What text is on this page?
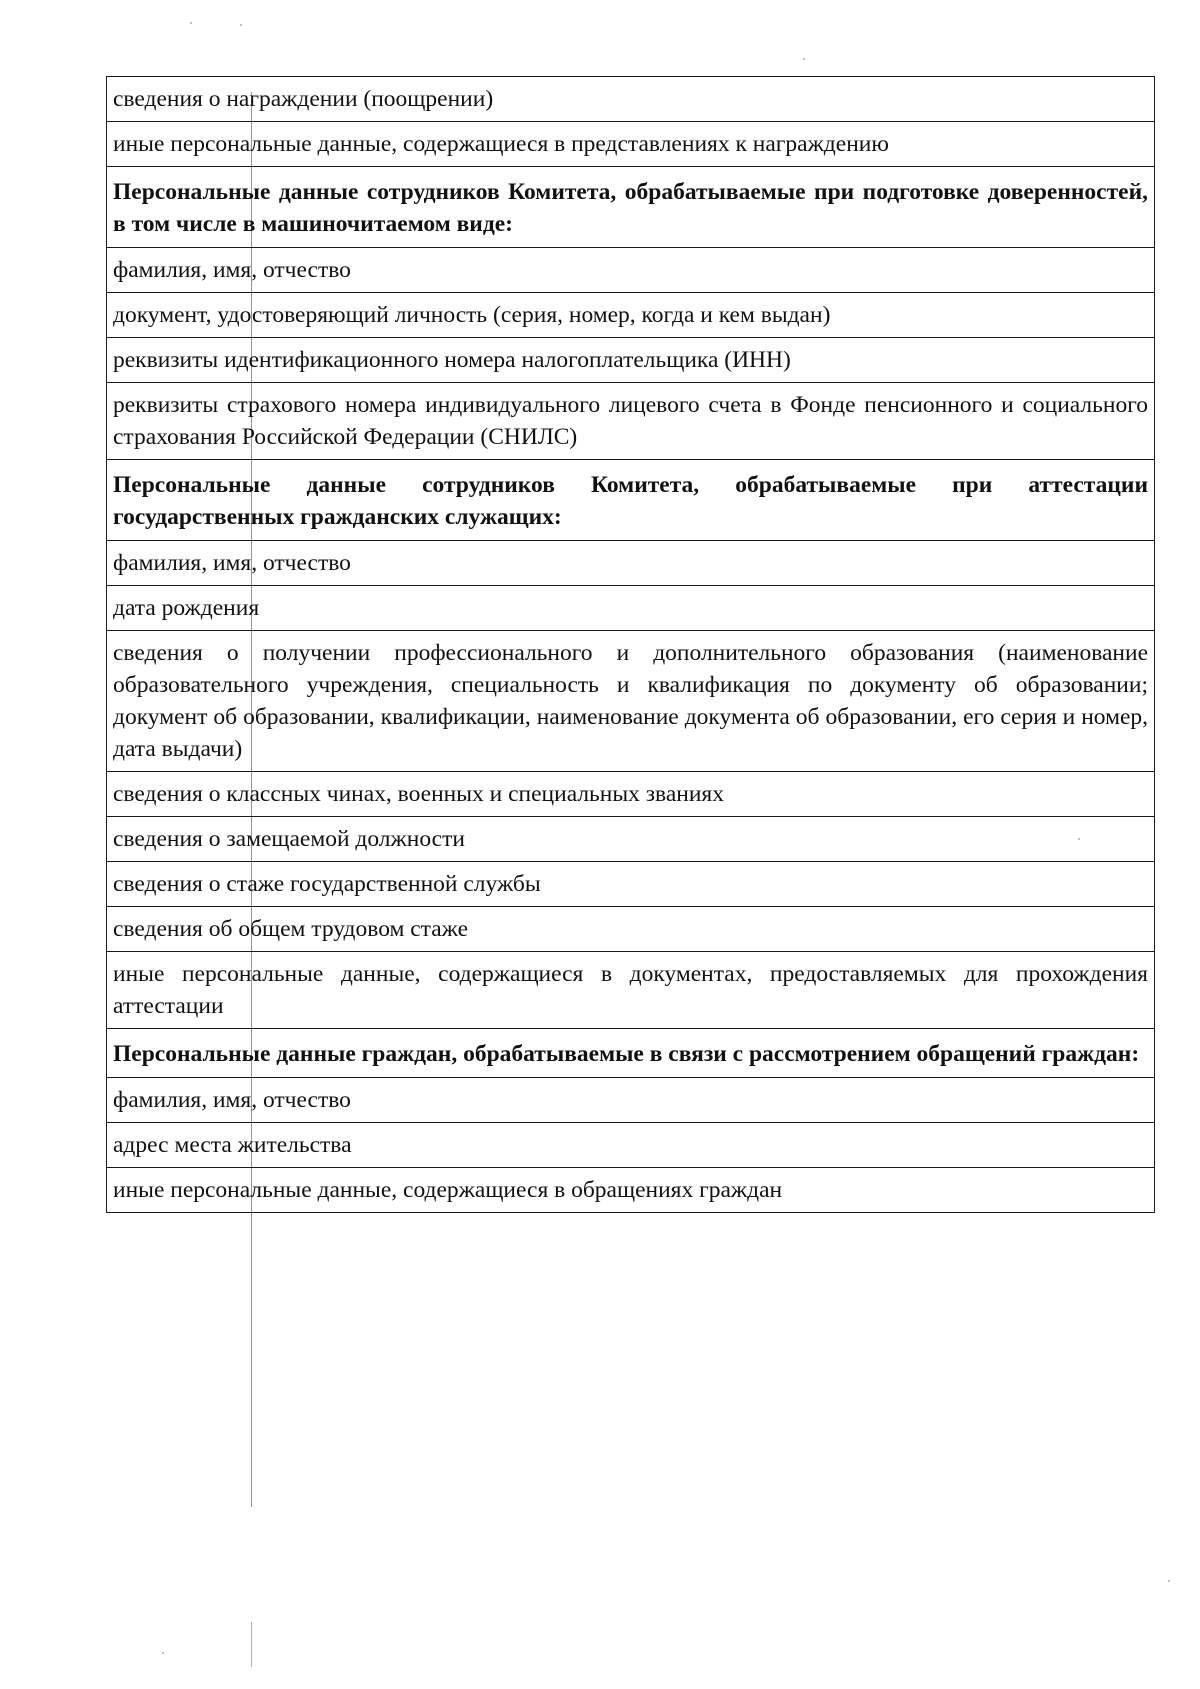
сведения о награждении (поощрении)
иные персональные данные, содержащиеся в представлениях к награждению
Персональные данные сотрудников Комитета, обрабатываемые при подготовке доверенностей, в том числе в машиночитаемом виде:
фамилия, имя, отчество
документ, удостоверяющий личность (серия, номер, когда и кем выдан)
реквизиты идентификационного номера налогоплательщика (ИНН)
реквизиты страхового номера индивидуального лицевого счета в Фонде пенсионного и социального страхования Российской Федерации (СНИЛС)
Персональные данные сотрудников Комитета, обрабатываемые при аттестации государственных гражданских служащих:
фамилия, имя, отчество
дата рождения
сведения о получении профессионального и дополнительного образования (наименование образовательного учреждения, специальность и квалификация по документу об образовании; документ об образовании, квалификации, наименование документа об образовании, его серия и номер, дата выдачи)
сведения о классных чинах, военных и специальных званиях
сведения о замещаемой должности
сведения о стаже государственной службы
сведения об общем трудовом стаже
иные персональные данные, содержащиеся в документах, предоставляемых для прохождения аттестации
Персональные данные граждан, обрабатываемые в связи с рассмотрением обращений граждан:
фамилия, имя, отчество
адрес места жительства
иные персональные данные, содержащиеся в обращениях граждан
